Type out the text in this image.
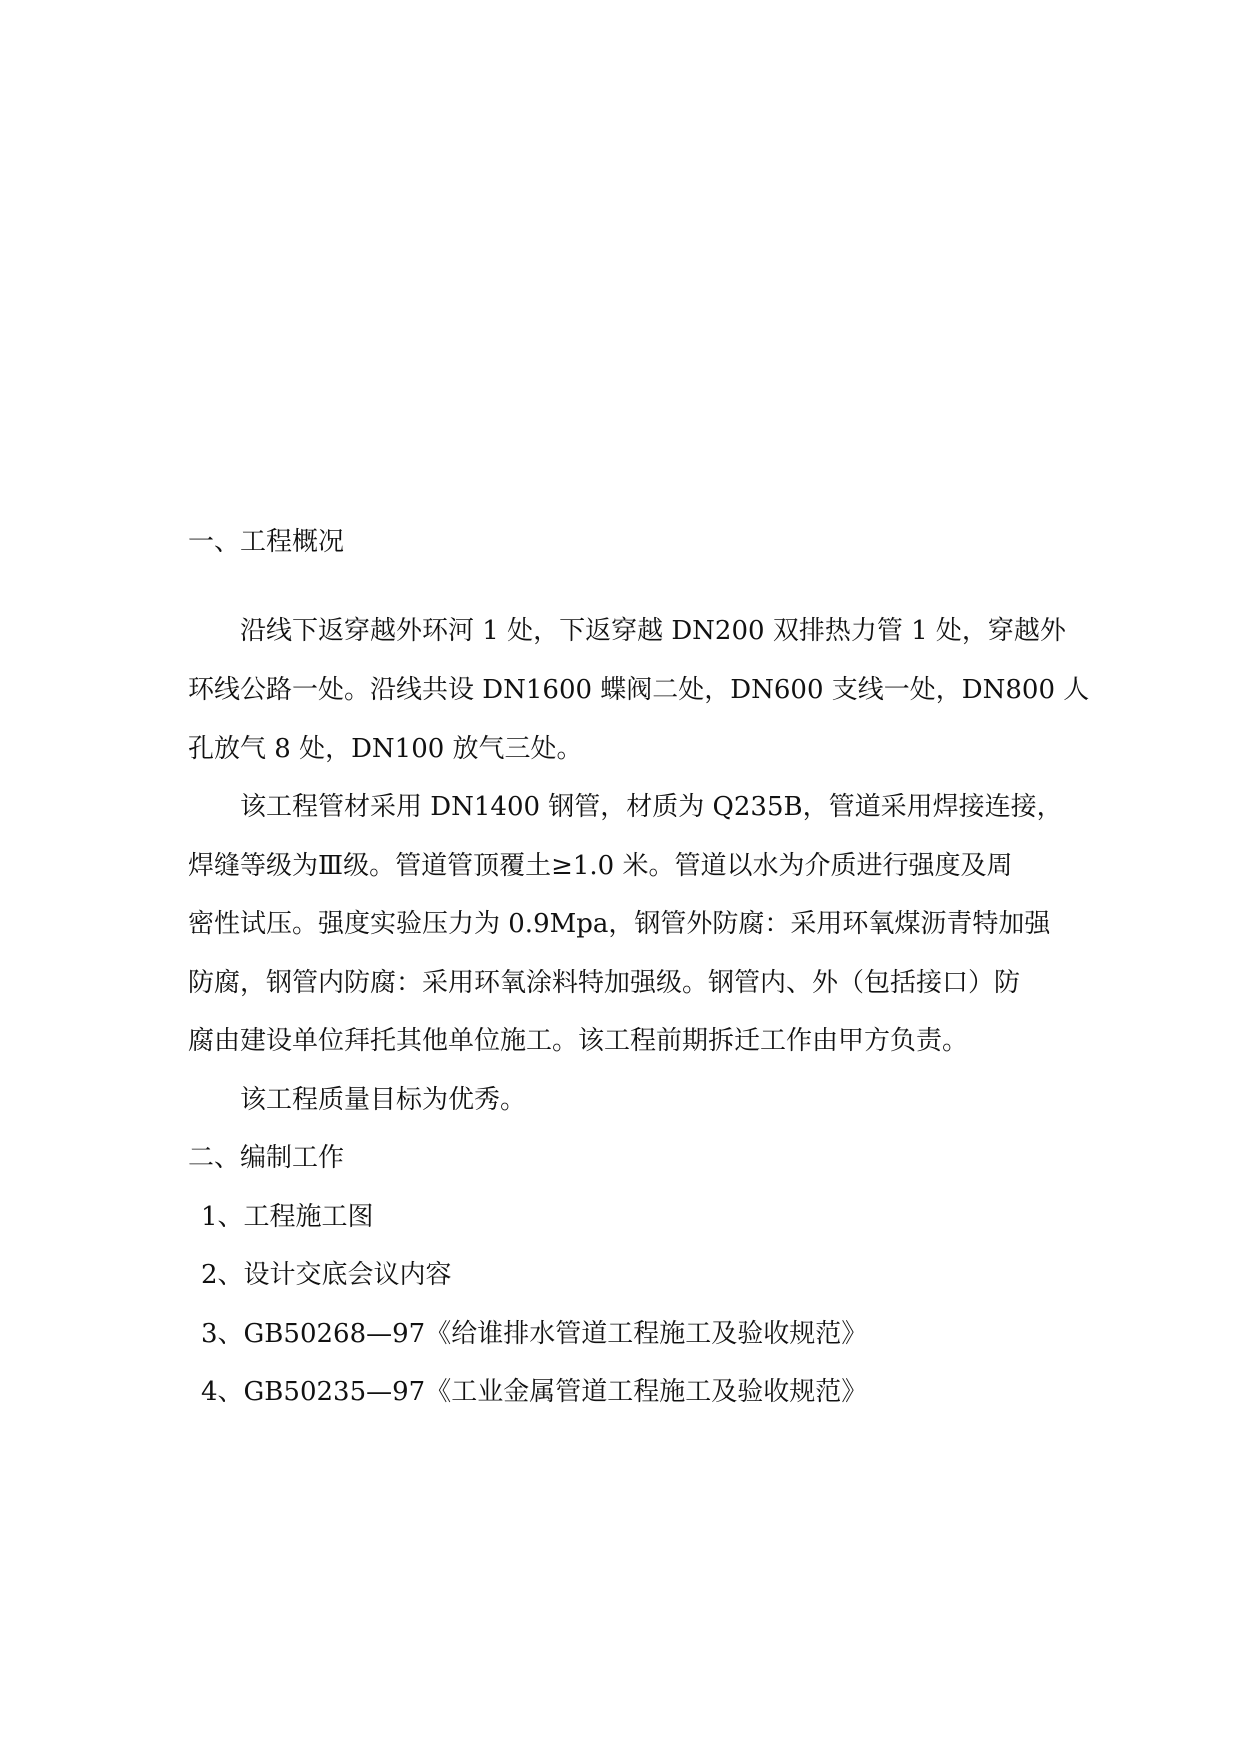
一、工程概况
沿线下返穿越外环河 1 处，下返穿越 DN200 双排热力管 1 处，穿越外
环线公路一处。沿线共设 DN1600 蝶阀二处，DN600 支线一处，DN800 人
孔放气 8 处，DN100 放气三处。
该工程管材采用 DN1400 钢管，材质为 Q235B，管道采用焊接连接，
焊缝等级为Ⅲ级。管道管顶覆土≥1.0 米。管道以水为介质进行强度及周
密性试压。强度实验压力为 0.9Mpa，钢管外防腐：采用环氧煤沥青特加强
防腐，钢管内防腐：采用环氧涂料特加强级。钢管内、外（包括接口）防
腐由建设单位拜托其他单位施工。该工程前期拆迁工作由甲方负责。
该工程质量目标为优秀。
二、编制工作
1、工程施工图
2、设计交底会议内容
3、GB50268—97《给谁排水管道工程施工及验收规范》
4、GB50235—97《工业金属管道工程施工及验收规范》
